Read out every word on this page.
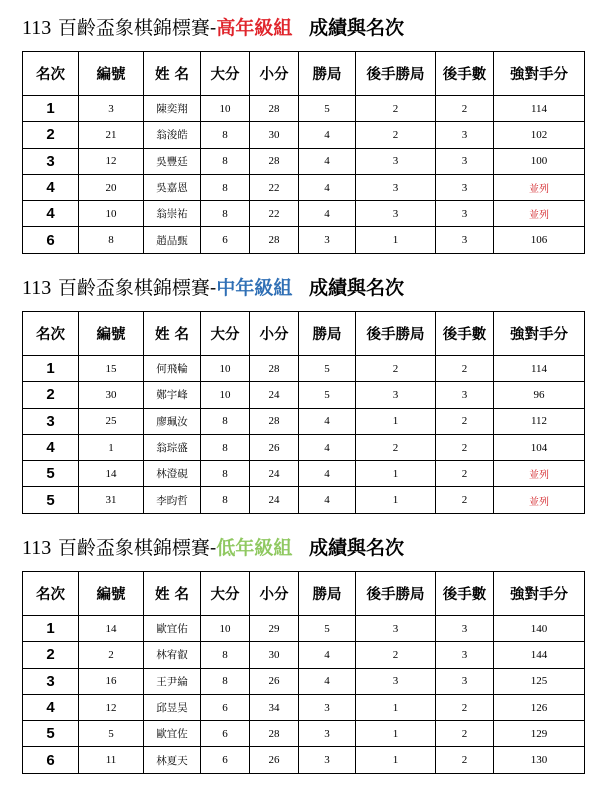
113 百齡盃象棋錦標賽-高年級組 成績與名次
名次	編號	姓 名	大分	小分	勝局	後手勝局	後手數	強對手分
1	3	陳奕翔	10	28	5	2	2	114
2	21	翁浚皓	8	30	4	2	3	102
3	12	吳豐廷	8	28	4	3	3	100
4	20	吳嘉恩	8	22	4	3	3	並列
4	10	翁崇祐	8	22	4	3	3	並列
6	8	趙品甄	6	28	3	1	3	106
113 百齡盃象棋錦標賽-中年級組 成績與名次
名次	編號	姓 名	大分	小分	勝局	後手勝局	後手數	強對手分
1	15	何飛輪	10	28	5	2	2	114
2	30	鄭宇峰	10	24	5	3	3	96
3	25	廖珮汝	8	28	4	1	2	112
4	1	翁琮盛	8	26	4	2	2	104
5	14	林澄硯	8	24	4	1	2	並列
5	31	李昀哲	8	24	4	1	2	並列
113 百齡盃象棋錦標賽-低年級組 成績與名次
名次	編號	姓 名	大分	小分	勝局	後手勝局	後手數	強對手分
1	14	歐宜佑	10	29	5	3	3	140
2	2	林宥叡	8	30	4	2	3	144
3	16	王尹綸	8	26	4	3	3	125
4	12	邱昱昊	6	34	3	1	2	126
5	5	歐宜佐	6	28	3	1	2	129
6	11	林夏天	6	26	3	1	2	130
